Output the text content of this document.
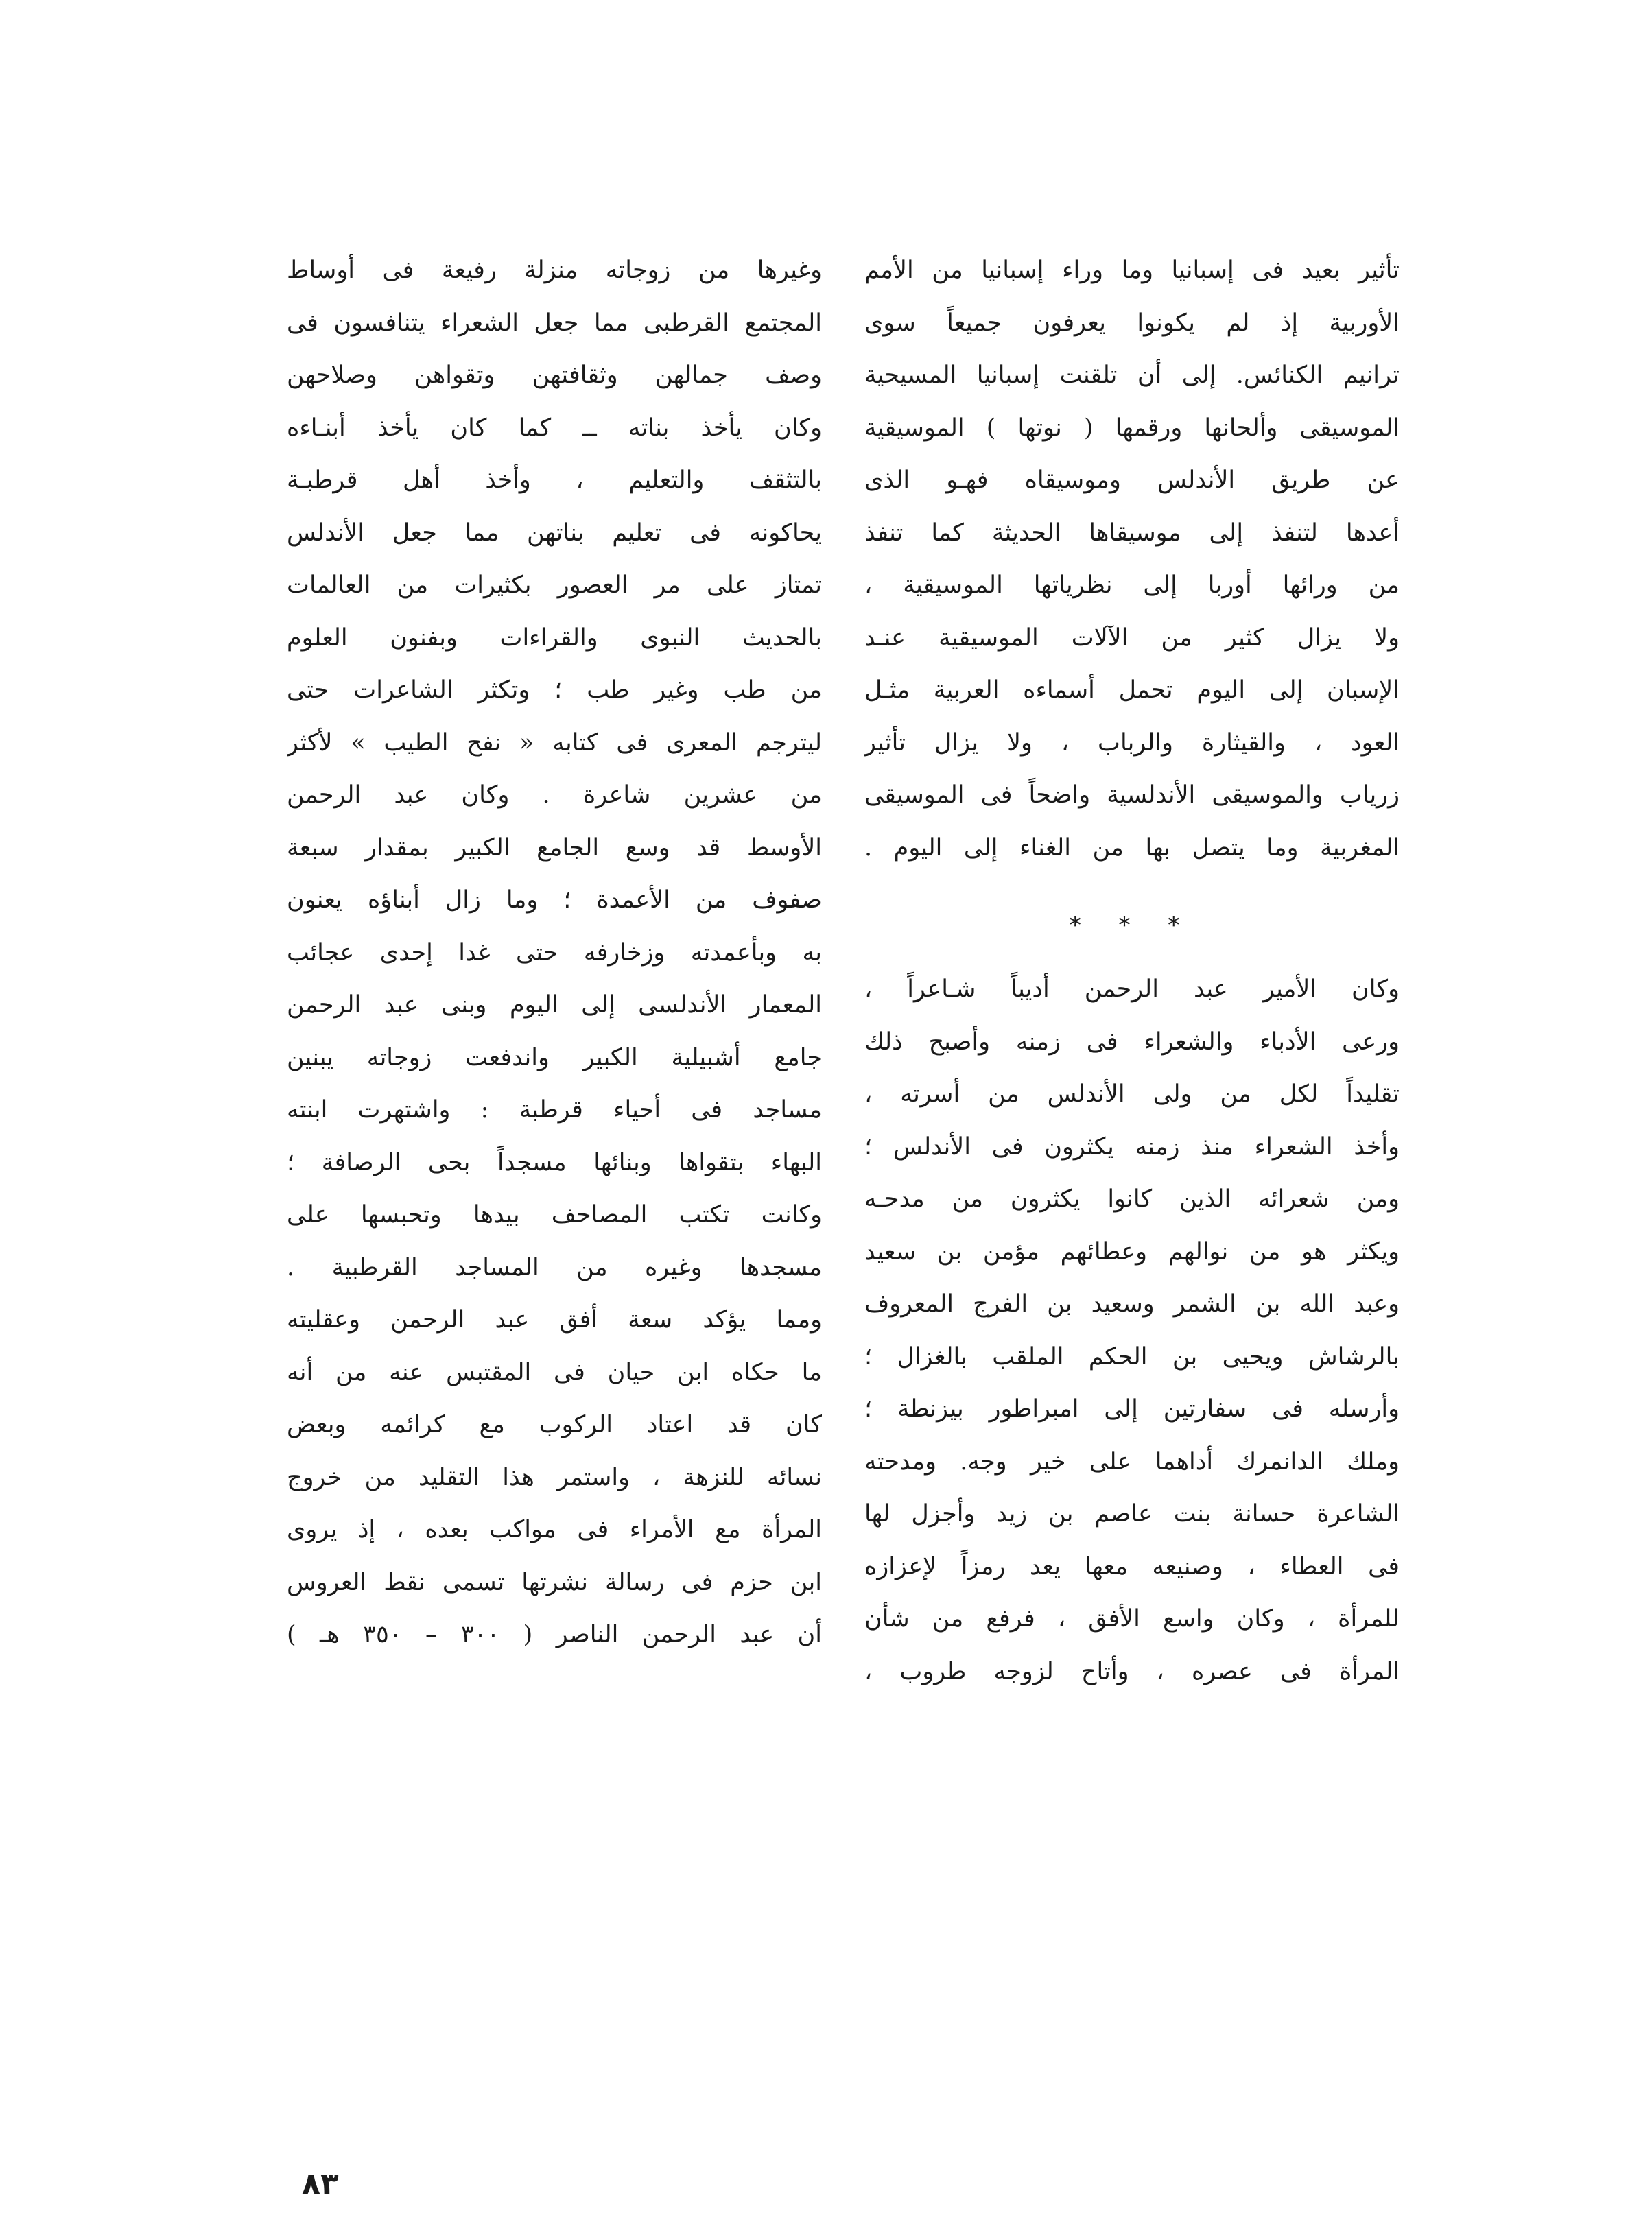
تأثير بعيد فى إسبانيا وما وراء إسبانيا من الأمم
الأوربية إذ لم يكونوا يعرفون جميعاً سوى
ترانيم الكنائس. إلى أن تلقنت إسبانيا المسيحية
الموسيقى وألحانها ورقمها ( نوتها ) الموسيقية
عن طريق الأندلس وموسيقاه فهـو الذى
أعدها لتنفذ إلى موسيقاها الحديثة كما تنفذ
من ورائها أوربا إلى نظرياتها الموسيقية ،
ولا يزال كثير من الآلات الموسيقية عنـد
الإسبان إلى اليوم تحمل أسماءه العربية مثـل
العود ، والقيثارة والرباب ، ولا يزال تأثير
زرياب والموسيقى الأندلسية واضحاً فى الموسيقى
المغربية وما يتصل بها من الغناء إلى اليوم .
* * *
وكان الأمير عبد الرحمن أديباً شـاعراً ،
ورعى الأدباء والشعراء فى زمنه وأصبح ذلك
تقليداً لكل من ولى الأندلس من أسرته ،
وأخذ الشعراء منذ زمنه يكثرون فى الأندلس ؛
ومن شعرائه الذين كانوا يكثرون من مدحـه
ويكثر هو من نوالهم وعطائهم مؤمن بن سعيد
وعبد الله بن الشمر وسعيد بن الفرج المعروف
بالرشاش ويحيى بن الحكم الملقب بالغزال ؛
وأرسله فى سفارتين إلى امبراطور بيزنطة ؛
وملك الدانمرك أداهما على خير وجه. ومدحته
الشاعرة حسانة بنت عاصم بن زيد وأجزل لها
فى العطاء ، وصنيعه معها يعد رمزاً لإعزازه
للمرأة ، وكان واسع الأفق ، فرفع من شأن
المرأة فى عصره ، وأتاح لزوجه طروب ،
وغيرها من زوجاته منزلة رفيعة فى أوساط
المجتمع القرطبى مما جعل الشعراء يتنافسون فى
وصف جمالهن وثقافتهن وتقواهن وصلاحهن
وكان يأخذ بناته ــ كما كان يأخذ أبنـاءه
بالتثقف والتعليم ، وأخذ أهل قرطبـة
يحاكونه فى تعليم بناتهن مما جعل الأندلس
تمتاز على مر العصور بكثيرات من العالمات
بالحديث النبوى والقراءات وبفنون العلوم
من طب وغير طب ؛ وتكثر الشاعرات حتى
ليترجم المعرى فى كتابه « نفح الطيب » لأكثر
من عشرين شاعرة . وكان عبد الرحمن
الأوسط قد وسع الجامع الكبير بمقدار سبعة
صفوف من الأعمدة ؛ وما زال أبناؤه يعنون
به وبأعمدته وزخارفه حتى غدا إحدى عجائب
المعمار الأندلسى إلى اليوم وبنى عبد الرحمن
جامع أشبيلية الكبير واندفعت زوجاته يبنين
مساجد فى أحياء قرطبة : واشتهرت ابنته
البهاء بتقواها وبنائها مسجداً بحى الرصافة ؛
وكانت تكتب المصاحف بيدها وتحبسها على
مسجدها وغيره من المساجد القرطبية .
ومما يؤكد سعة أفق عبد الرحمن وعقليته
ما حكاه ابن حيان فى المقتبس عنه من أنه
كان قد اعتاد الركوب مع كرائمه وبعض
نسائه للنزهة ، واستمر هذا التقليد من خروج
المرأة مع الأمراء فى مواكب بعده ، إذ يروى
ابن حزم فى رسالة نشرتها تسمى نقط العروس
أن عبد الرحمن الناصر ( ٣٠٠ – ٣٥٠ هـ )
٨٣
